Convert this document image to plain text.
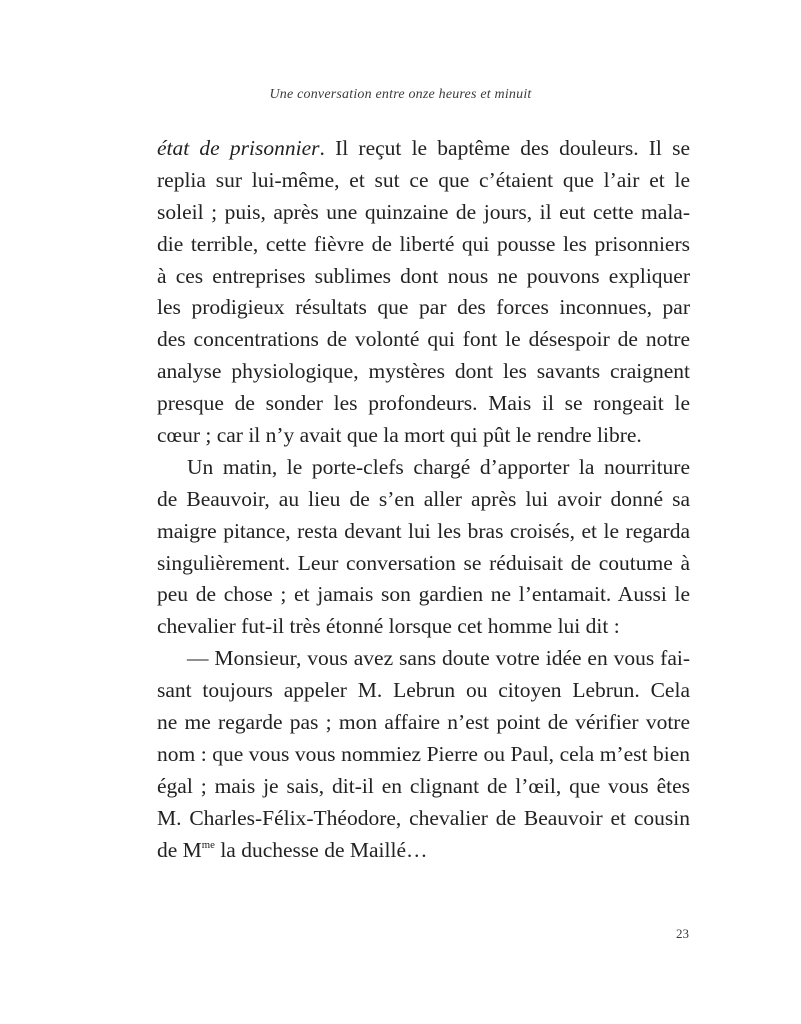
Une conversation entre onze heures et minuit
état de prisonnier. Il reçut le baptême des douleurs. Il se
replia sur lui-même, et sut ce que c’étaient que l’air et le
soleil ; puis, après une quinzaine de jours, il eut cette mala-
die terrible, cette fièvre de liberté qui pousse les prisonniers
à ces entreprises sublimes dont nous ne pouvons expliquer
les prodigieux résultats que par des forces inconnues, par
des concentrations de volonté qui font le désespoir de notre
analyse physiologique, mystères dont les savants craignent
presque de sonder les profondeurs. Mais il se rongeait le
cœur ; car il n’y avait que la mort qui pût le rendre libre.
Un matin, le porte-clefs chargé d’apporter la nourriture
de Beauvoir, au lieu de s’en aller après lui avoir donné sa
maigre pitance, resta devant lui les bras croisés, et le regarda
singulièrement. Leur conversation se réduisait de coutume à
peu de chose ; et jamais son gardien ne l’entamait. Aussi le
chevalier fut-il très étonné lorsque cet homme lui dit :
— Monsieur, vous avez sans doute votre idée en vous fai-
sant toujours appeler M. Lebrun ou citoyen Lebrun. Cela
ne me regarde pas ; mon affaire n’est point de vérifier votre
nom : que vous vous nommiez Pierre ou Paul, cela m’est bien
égal ; mais je sais, dit-il en clignant de l’œil, que vous êtes
M. Charles-Félix-Théodore, chevalier de Beauvoir et cousin
de $M^{me}$ la duchesse de Maillé…
23
